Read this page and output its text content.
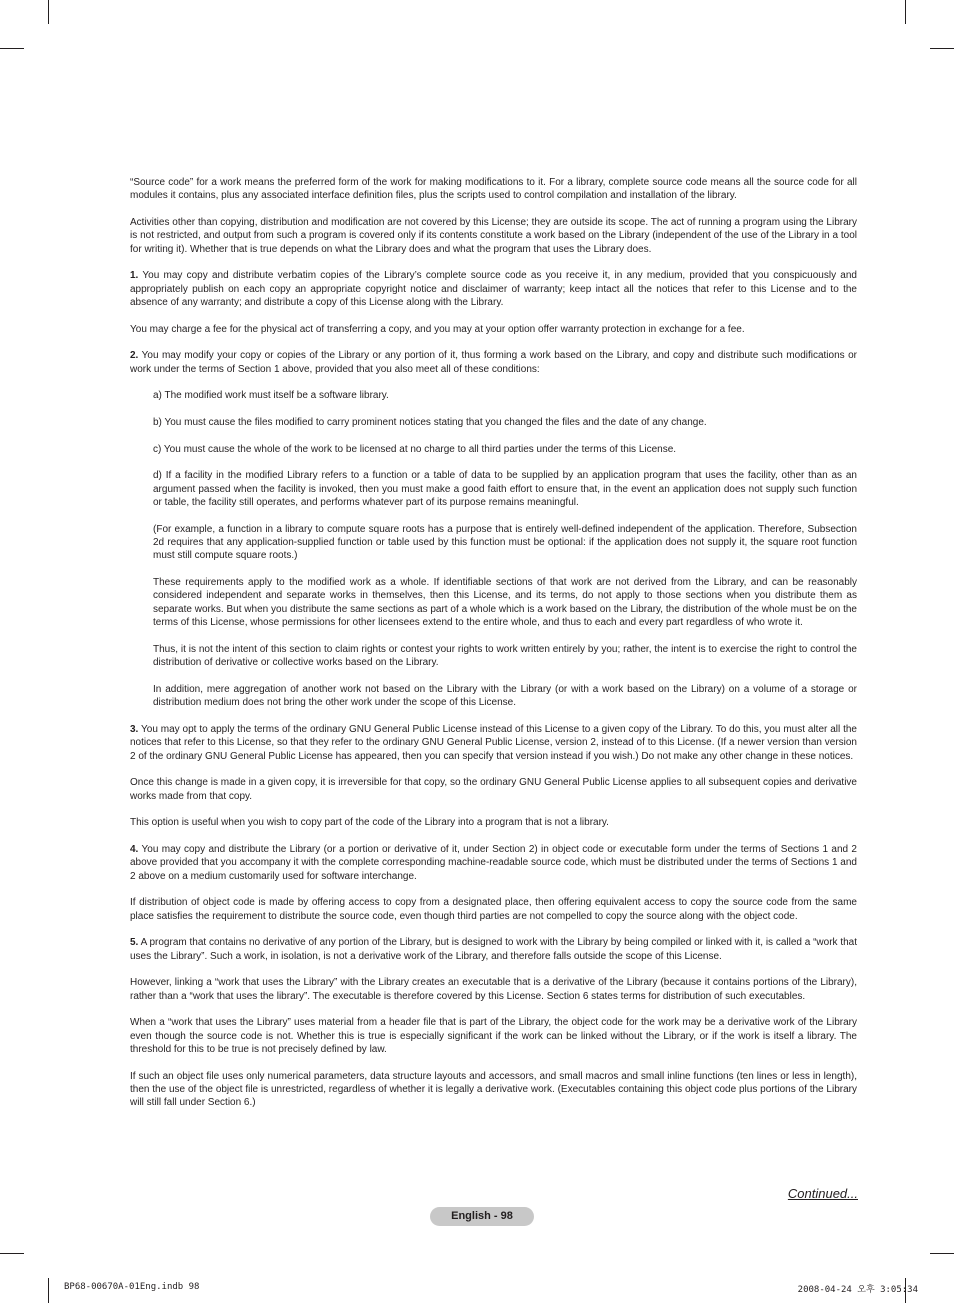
“Source code” for a work means the preferred form of the work for making modifications to it. For a library, complete source code means all the source code for all modules it contains, plus any associated interface definition files, plus the scripts used to control compilation and installation of the library.

Activities other than copying, distribution and modification are not covered by this License; they are outside its scope. The act of running a program using the Library is not restricted, and output from such a program is covered only if its contents constitute a work based on the Library (independent of the use of the Library in a tool for writing it). Whether that is true depends on what the Library does and what the program that uses the Library does.

1. You may copy and distribute verbatim copies of the Library’s complete source code as you receive it, in any medium, provided that you conspicuously and appropriately publish on each copy an appropriate copyright notice and disclaimer of warranty; keep intact all the notices that refer to this License and to the absence of any warranty; and distribute a copy of this License along with the Library.

You may charge a fee for the physical act of transferring a copy, and you may at your option offer warranty protection in exchange for a fee.

2. You may modify your copy or copies of the Library or any portion of it, thus forming a work based on the Library, and copy and distribute such modifications or work under the terms of Section 1 above, provided that you also meet all of these conditions:

a) The modified work must itself be a software library.

b) You must cause the files modified to carry prominent notices stating that you changed the files and the date of any change.

c) You must cause the whole of the work to be licensed at no charge to all third parties under the terms of this License.

d) If a facility in the modified Library refers to a function or a table of data to be supplied by an application program that uses the facility, other than as an argument passed when the facility is invoked, then you must make a good faith effort to ensure that, in the event an application does not supply such function or table, the facility still operates, and performs whatever part of its purpose remains meaningful.

(For example, a function in a library to compute square roots has a purpose that is entirely well-defined independent of the application. Therefore, Subsection 2d requires that any application-supplied function or table used by this function must be optional: if the application does not supply it, the square root function must still compute square roots.)

These requirements apply to the modified work as a whole. If identifiable sections of that work are not derived from the Library, and can be reasonably considered independent and separate works in themselves, then this License, and its terms, do not apply to those sections when you distribute them as separate works. But when you distribute the same sections as part of a whole which is a work based on the Library, the distribution of the whole must be on the terms of this License, whose permissions for other licensees extend to the entire whole, and thus to each and every part regardless of who wrote it.

Thus, it is not the intent of this section to claim rights or contest your rights to work written entirely by you; rather, the intent is to exercise the right to control the distribution of derivative or collective works based on the Library.

In addition, mere aggregation of another work not based on the Library with the Library (or with a work based on the Library) on a volume of a storage or distribution medium does not bring the other work under the scope of this License.

3. You may opt to apply the terms of the ordinary GNU General Public License instead of this License to a given copy of the Library. To do this, you must alter all the notices that refer to this License, so that they refer to the ordinary GNU General Public License, version 2, instead of to this License. (If a newer version than version 2 of the ordinary GNU General Public License has appeared, then you can specify that version instead if you wish.) Do not make any other change in these notices.

Once this change is made in a given copy, it is irreversible for that copy, so the ordinary GNU General Public License applies to all subsequent copies and derivative works made from that copy.

This option is useful when you wish to copy part of the code of the Library into a program that is not a library.

4. You may copy and distribute the Library (or a portion or derivative of it, under Section 2) in object code or executable form under the terms of Sections 1 and 2 above provided that you accompany it with the complete corresponding machine-readable source code, which must be distributed under the terms of Sections 1 and 2 above on a medium customarily used for software interchange.

If distribution of object code is made by offering access to copy from a designated place, then offering equivalent access to copy the source code from the same place satisfies the requirement to distribute the source code, even though third parties are not compelled to copy the source along with the object code.

5. A program that contains no derivative of any portion of the Library, but is designed to work with the Library by being compiled or linked with it, is called a “work that uses the Library”. Such a work, in isolation, is not a derivative work of the Library, and therefore falls outside the scope of this License.

However, linking a “work that uses the Library” with the Library creates an executable that is a derivative of the Library (because it contains portions of the Library), rather than a “work that uses the library”. The executable is therefore covered by this License. Section 6 states terms for distribution of such executables.

When a “work that uses the Library” uses material from a header file that is part of the Library, the object code for the work may be a derivative work of the Library even though the source code is not. Whether this is true is especially significant if the work can be linked without the Library, or if the work is itself a library. The threshold for this to be true is not precisely defined by law.

If such an object file uses only numerical parameters, data structure layouts and accessors, and small macros and small inline functions (ten lines or less in length), then the use of the object file is unrestricted, regardless of whether it is legally a derivative work. (Executables containing this object code plus portions of the Library will still fall under Section 6.)

Continued...
English - 98
BP68-00670A-01Eng.indb 98	2008-04-24 오후 3:05:34
